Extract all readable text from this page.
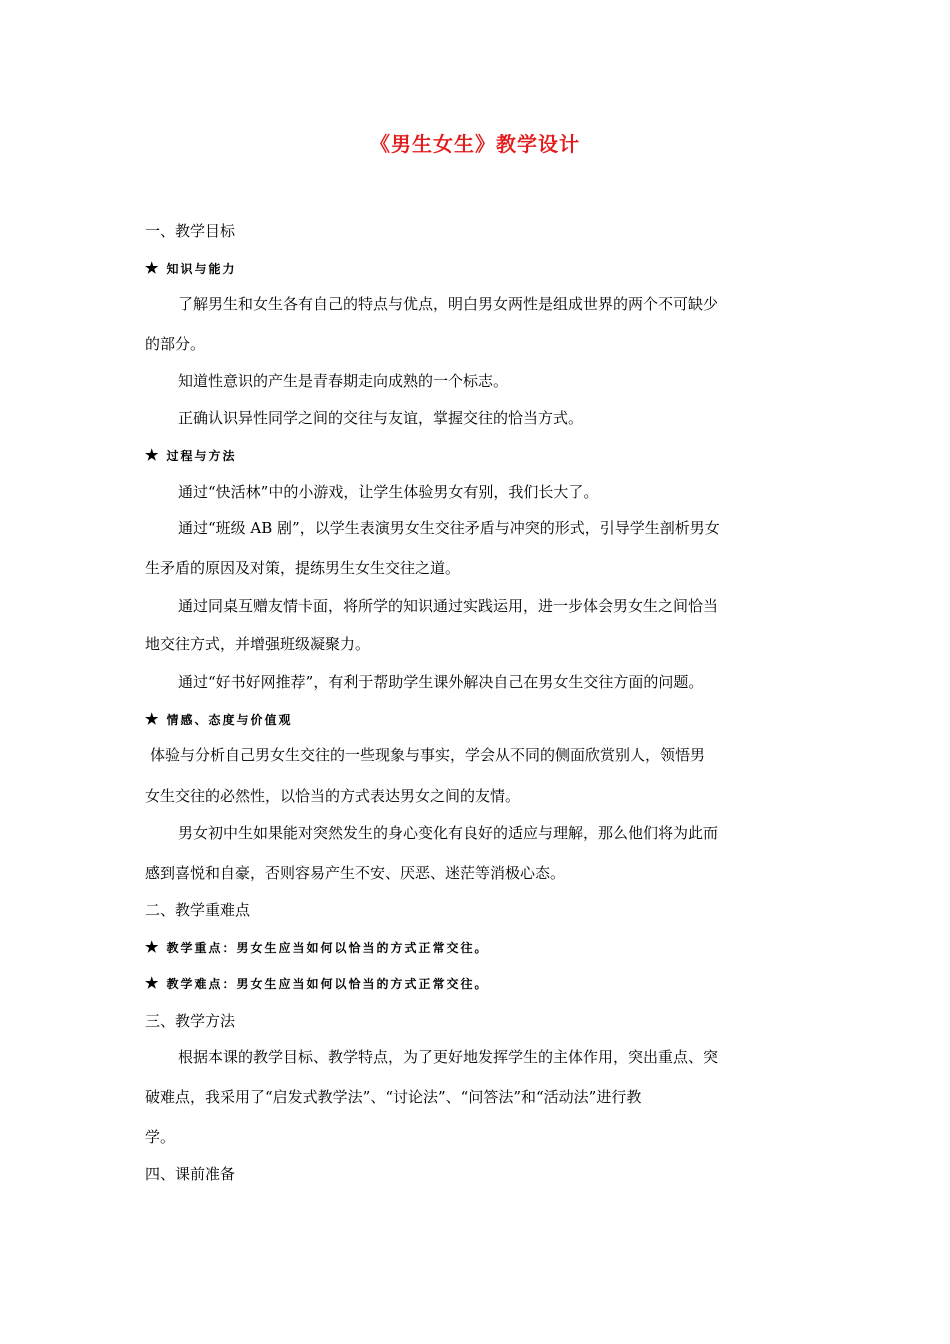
《男生女生》教学设计
一、教学目标
★ 知识与能力
了解男生和女生各有自己的特点与优点，明白男女两性是组成世界的两个不可缺少
的部分。
知道性意识的产生是青春期走向成熟的一个标志。
正确认识异性同学之间的交往与友谊，掌握交往的恰当方式。
★ 过程与方法
通过“快活林”中的小游戏，让学生体验男女有别，我们长大了。
通过“班级 AB 剧”，以学生表演男女生交往矛盾与冲突的形式，引导学生剖析男女
生矛盾的原因及对策，提练男生女生交往之道。
通过同桌互赠友情卡面，将所学的知识通过实践运用，进一步体会男女生之间恰当
地交往方式，并增强班级凝聚力。
通过“好书好网推荐”，有利于帮助学生课外解决自己在男女生交往方面的问题。
★ 情感、态度与价值观
体验与分析自己男女生交往的一些现象与事实，学会从不同的侧面欣赏别人，领悟男
女生交往的必然性，以恰当的方式表达男女之间的友情。
男女初中生如果能对突然发生的身心变化有良好的适应与理解，那么他们将为此而
感到喜悦和自豪，否则容易产生不安、厌恶、迷茫等消极心态。
二、教学重难点
★ 教学重点：男女生应当如何以恰当的方式正常交往。
★ 教学难点：男女生应当如何以恰当的方式正常交往。
三、教学方法
根据本课的教学目标、教学特点，为了更好地发挥学生的主体作用，突出重点、突
破难点，我采用了“启发式教学法”、“讨论法”、“问答法”和“活动法”进行教
学。
四、课前准备
